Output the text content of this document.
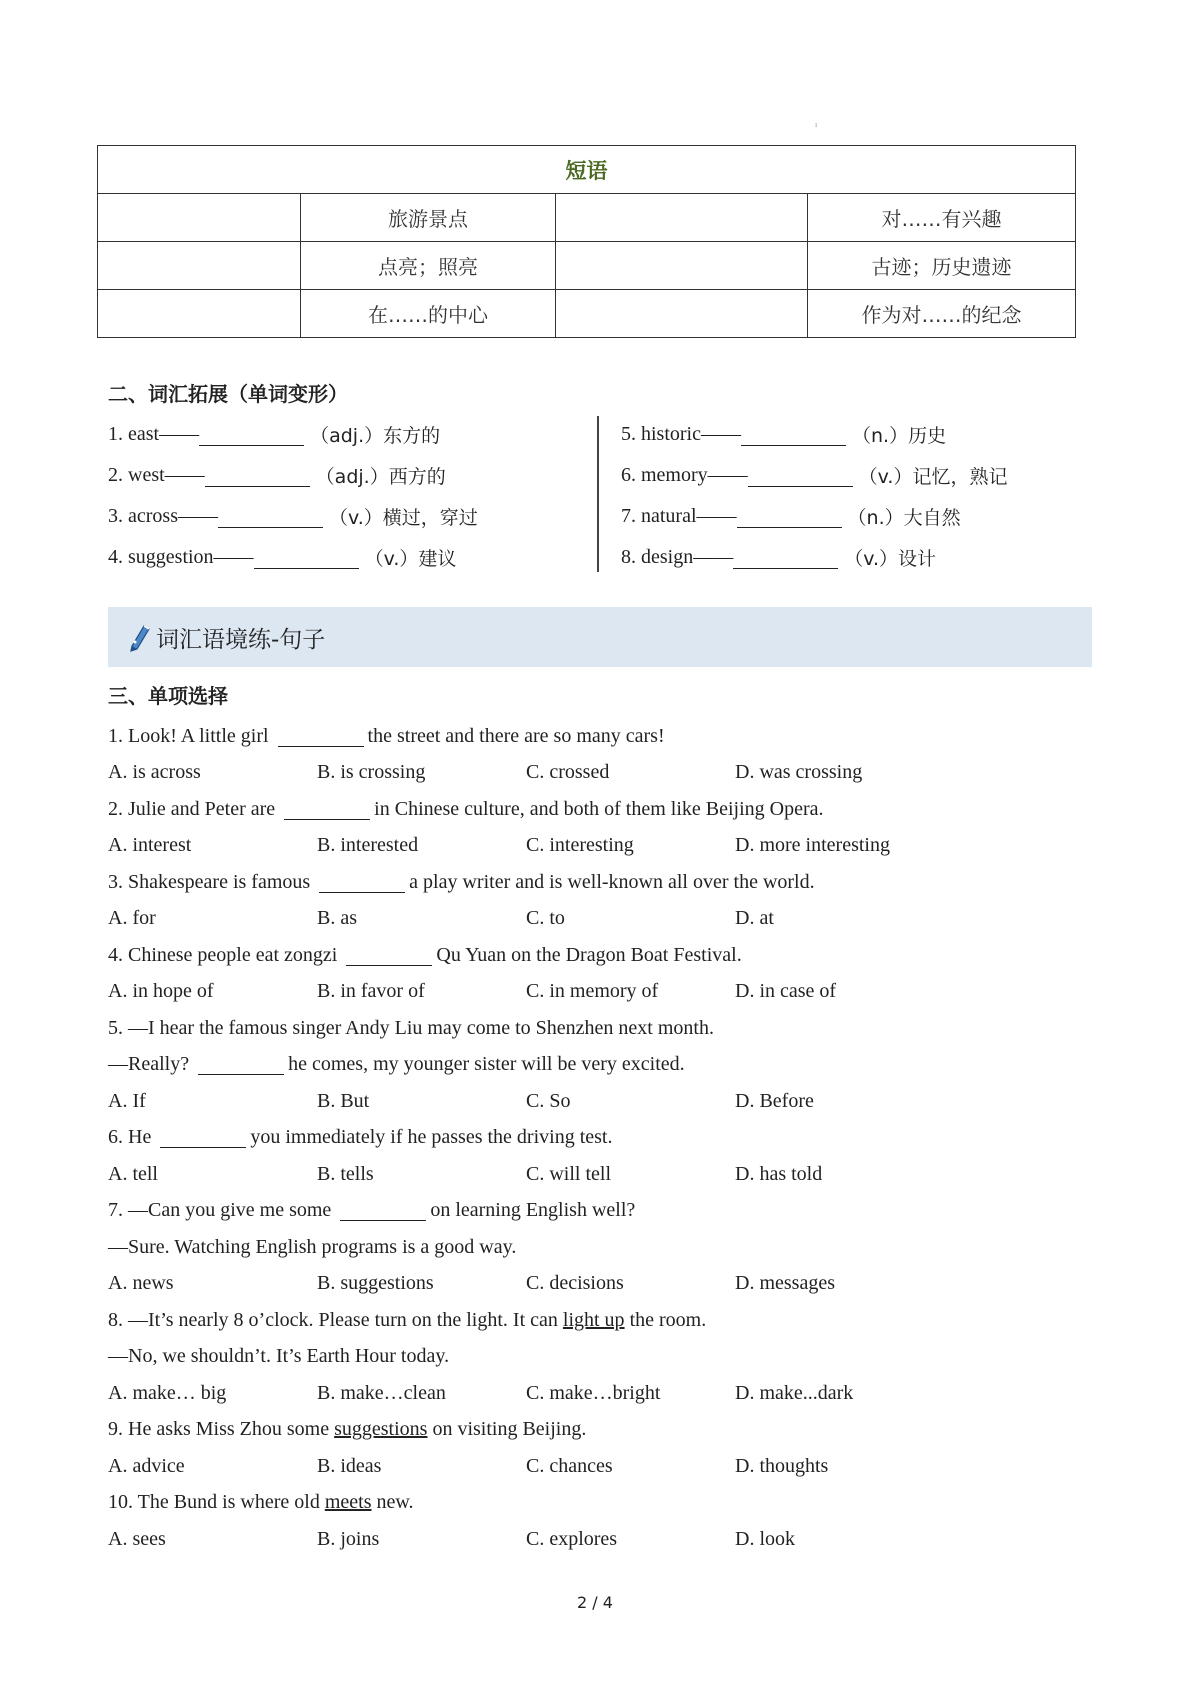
ı
短语			
	旅游景点		对……有兴趣
	点亮；照亮		古迹；历史遗迹
	在……的中心		作为对……的纪念
二、词汇拓展（单词变形）
1. east——	（adj.）东方的
2. west——	（adj.）西方的
3. across——	（v.）横过，穿过
4. suggestion——	（v.）建议
5. historic——	（n.）历史
6. memory——	（v.）记忆，熟记
7. natural——	（n.）大自然
8. design——	（v.）设计
词汇语境练-句子
三、单项选择
1. Look! A little girl	the street and there are so many cars!
A. is across	B. is crossing	C. crossed	D. was crossing
2. Julie and Peter are	in Chinese culture, and both of them like Beijing Opera.
A. interest	B. interested	C. interesting	D. more interesting
3. Shakespeare is famous	a play writer and is well-known all over the world.
A. for	B. as	C. to	D. at
4. Chinese people eat zongzi	Qu Yuan on the Dragon Boat Festival.
A. in hope of	B. in favor of	C. in memory of	D. in case of
5. —I hear the famous singer Andy Liu may come to Shenzhen next month.
—Really?	he comes, my younger sister will be very excited.
A. If	B. But	C. So	D. Before
6. He	you immediately if he passes the driving test.
A. tell	B. tells	C. will tell	D. has told
7. —Can you give me some	on learning English well?
—Sure. Watching English programs is a good way.
A. news	B. suggestions	C. decisions	D. messages
8. —It’s nearly 8 o’clock. Please turn on the light. It can light up the room.
—No, we shouldn’t. It’s Earth Hour today.
A. make… big	B. make…clean	C. make…bright	D. make...dark
9. He asks Miss Zhou some suggestions on visiting Beijing.
A. advice	B. ideas	C. chances	D. thoughts
10. The Bund is where old meets new.
A. sees	B. joins	C. explores	D. look
2 / 4
